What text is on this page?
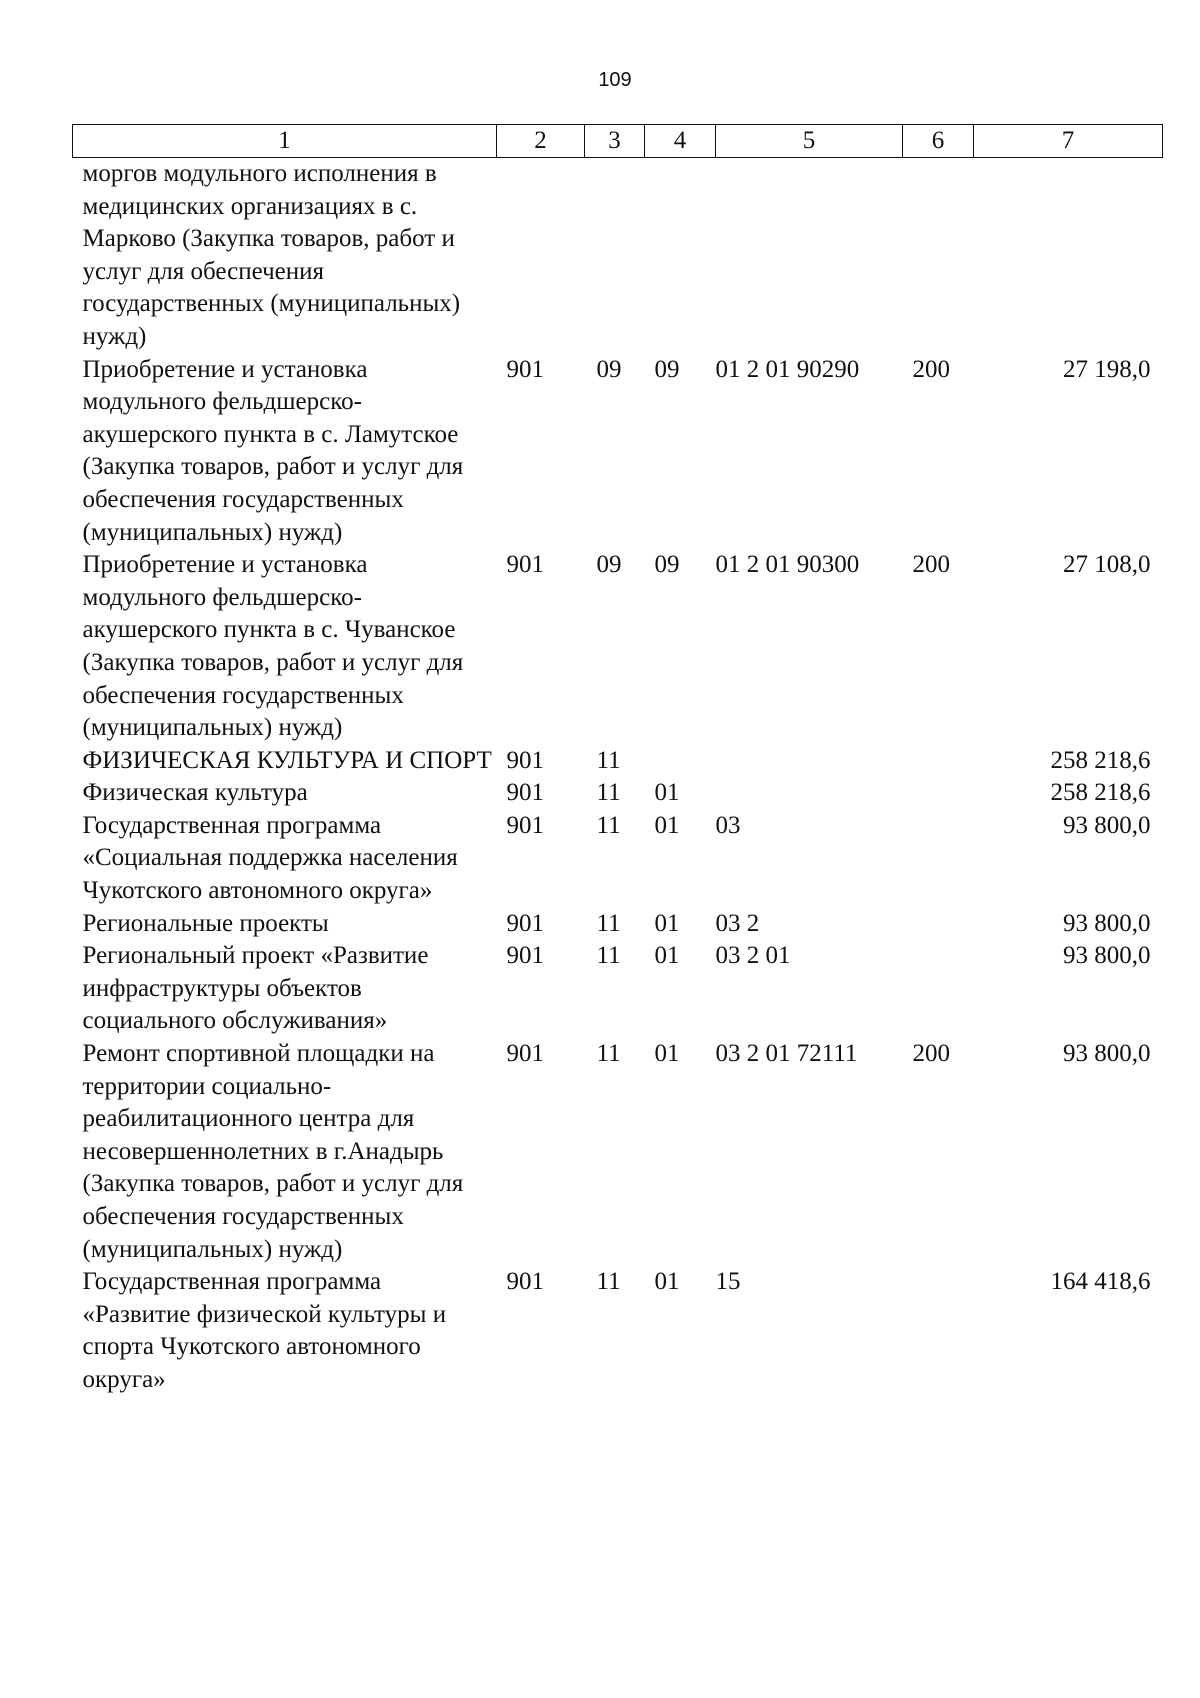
109
1	2	3	4	5	6	7
моргов модульного исполнения в медицинских организациях в с. Марково (Закупка товаров, работ и услуг для обеспечения государственных (муниципальных) нужд)						
Приобретение и установка модульного фельдшерско-акушерского пункта в с. Ламутское (Закупка товаров, работ и услуг для обеспечения государственных (муниципальных) нужд)	901	09	09	01 2 01 90290	200	27 198,0
Приобретение и установка модульного фельдшерско-акушерского пункта в с. Чуванское (Закупка товаров, работ и услуг для обеспечения государственных (муниципальных) нужд)	901	09	09	01 2 01 90300	200	27 108,0
ФИЗИЧЕСКАЯ КУЛЬТУРА И СПОРТ	901	11				258 218,6
Физическая культура	901	11	01			258 218,6
Государственная программа «Социальная поддержка населения Чукотского автономного округа»	901	11	01	03		93 800,0
Региональные проекты	901	11	01	03 2		93 800,0
Региональный проект «Развитие инфраструктуры объектов социального обслуживания»	901	11	01	03 2 01		93 800,0
Ремонт спортивной площадки на территории социально-реабилитационного центра для несовершеннолетних в г.Анадырь (Закупка товаров, работ и услуг для обеспечения государственных (муниципальных) нужд)	901	11	01	03 2 01 72111	200	93 800,0
Государственная программа «Развитие физической культуры и спорта Чукотского автономного округа»	901	11	01	15		164 418,6
